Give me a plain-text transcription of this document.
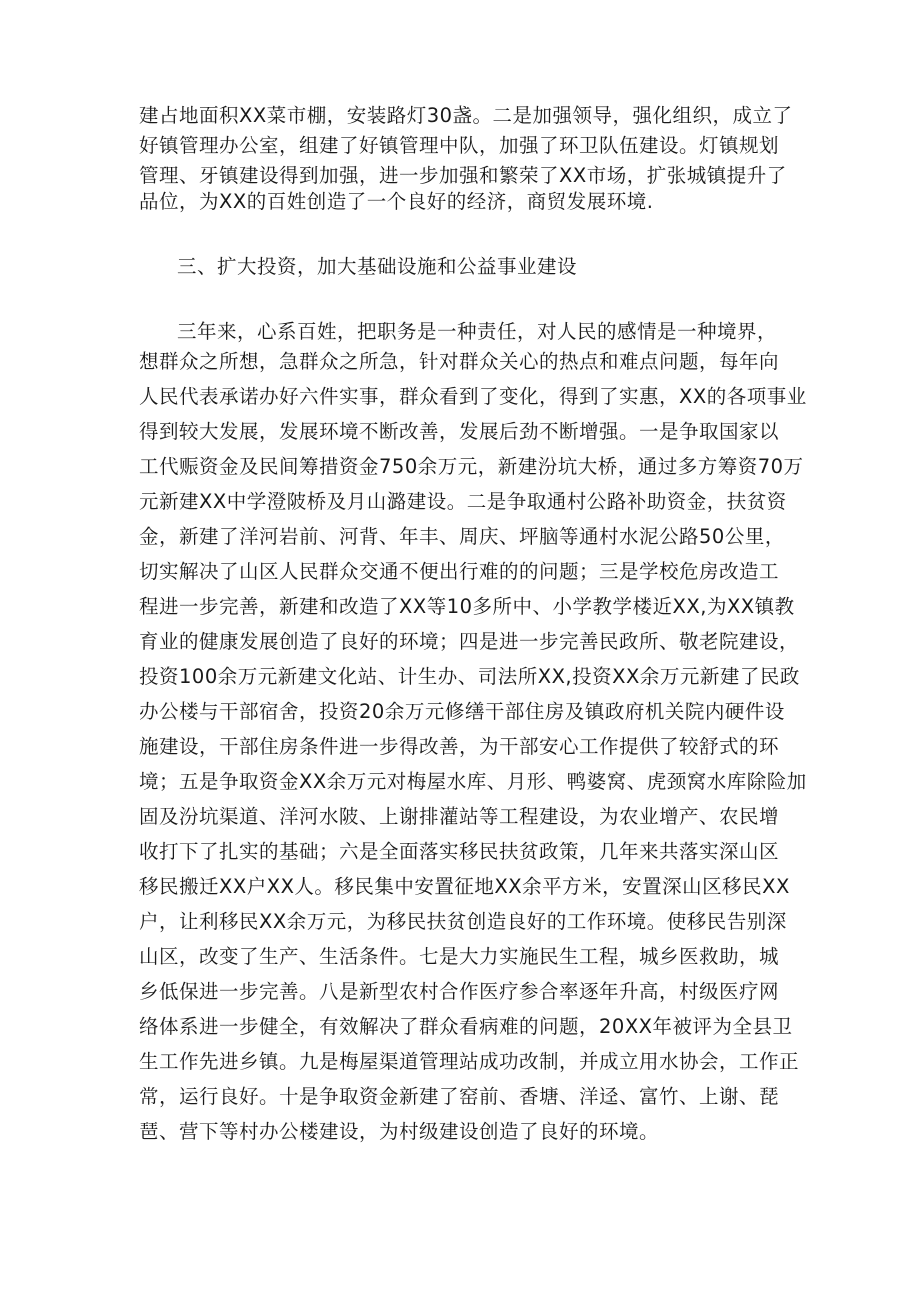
建占地面积XX菜市棚，安装路灯30盏。二是加强领导，强化组织，成立了

好镇管理办公室，组建了好镇管理中队，加强了环卫队伍建设。灯镇规划

管理、牙镇建设得到加强，进一步加强和繁荣了XX市场，扩张城镇提升了

品位，为XX的百姓创造了一个良好的经济，商贸发展环境.

三、扩大投资，加大基础设施和公益事业建设

三年来，心系百姓，把职务是一种责任，对人民的感情是一种境界，

想群众之所想，急群众之所急，针对群众关心的热点和难点问题，每年向

人民代表承诺办好六件实事，群众看到了变化，得到了实惠，XX的各项事业

得到较大发展，发展环境不断改善，发展后劲不断增强。一是争取国家以

工代赈资金及民间筹措资金750余万元，新建汾坑大桥，通过多方筹资70万

元新建XX中学澄陂桥及月山潞建设。二是争取通村公路补助资金，扶贫资

金，新建了洋河岩前、河背、年丰、周庆、坪脑等通村水泥公路50公里，

切实解决了山区人民群众交通不便出行难的的问题；三是学校危房改造工

程进一步完善，新建和改造了XX等10多所中、小学教学楼近XX,为XX镇教

育业的健康发展创造了良好的环境；四是进一步完善民政所、敬老院建设，

投资100余万元新建文化站、计生办、司法所XX,投资XX余万元新建了民政

办公楼与干部宿舍，投资20余万元修缮干部住房及镇政府机关院内硬件设

施建设，干部住房条件进一步得改善，为干部安心工作提供了较舒式的环

境；五是争取资金XX余万元对梅屋水库、月形、鸭婆窝、虎颈窝水库除险加

固及汾坑渠道、洋河水陂、上谢排灌站等工程建设，为农业增产、农民增

收打下了扎实的基础；六是全面落实移民扶贫政策，几年来共落实深山区

移民搬迁XX户XX人。移民集中安置征地XX余平方米，安置深山区移民XX

户，让利移民XX余万元，为移民扶贫创造良好的工作环境。使移民告别深

山区，改变了生产、生活条件。七是大力实施民生工程，城乡医救助，城

乡低保进一步完善。八是新型农村合作医疗参合率逐年升高，村级医疗网

络体系进一步健全，有效解决了群众看病难的问题，20XX年被评为全县卫

生工作先进乡镇。九是梅屋渠道管理站成功改制，并成立用水协会，工作正

常，运行良好。十是争取资金新建了窑前、香塘、洋迳、富竹、上谢、琵

琶、营下等村办公楼建设，为村级建设创造了良好的环境。
